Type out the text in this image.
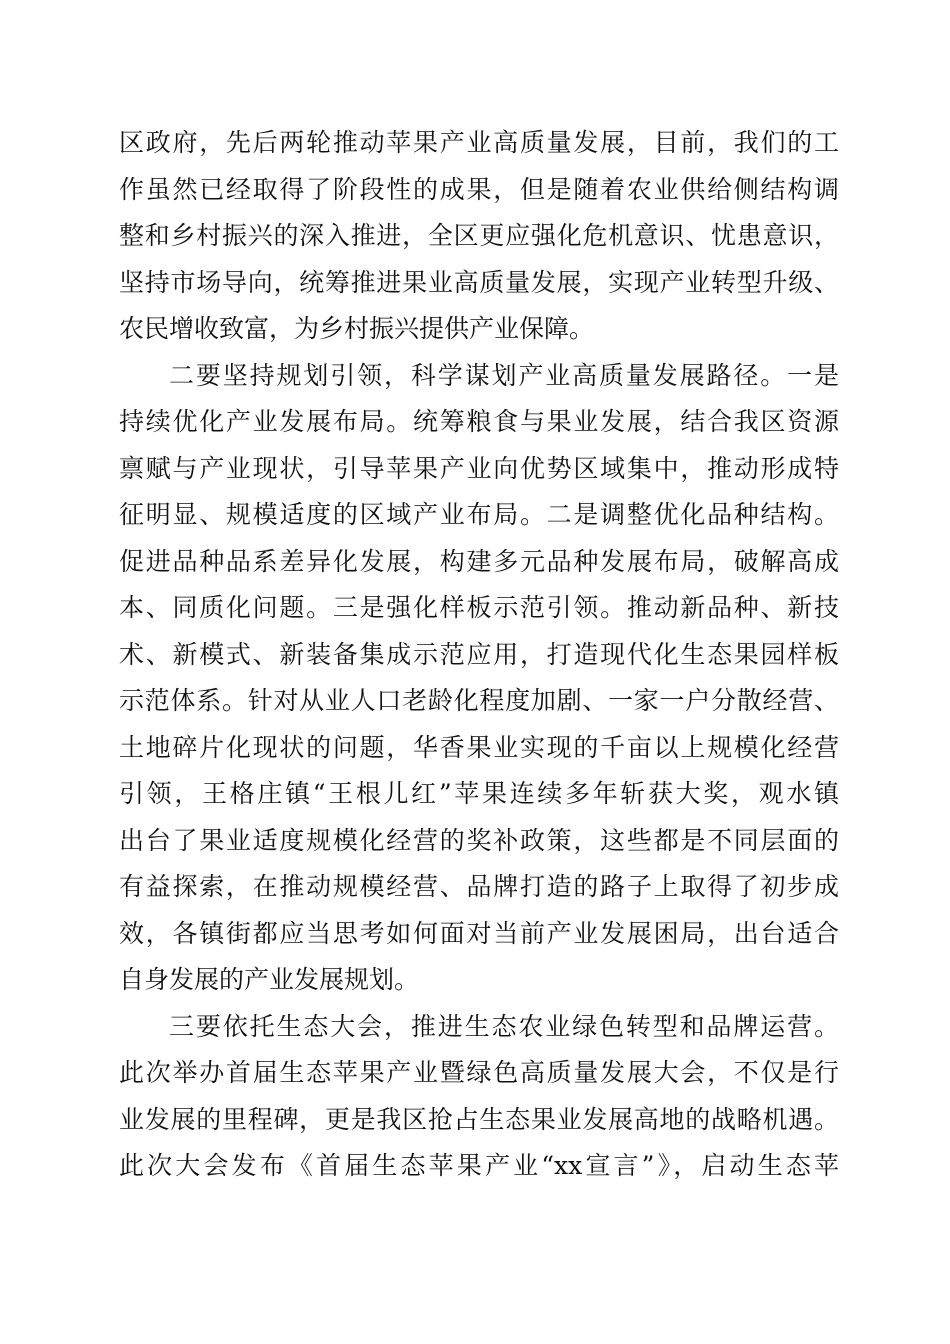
区政府，先后两轮推动苹果产业高质量发展，目前，我们的工
作虽然已经取得了阶段性的成果，但是随着农业供给侧结构调
整和乡村振兴的深入推进，全区更应强化危机意识、忧患意识，
坚持市场导向，统筹推进果业高质量发展，实现产业转型升级、
农民增收致富，为乡村振兴提供产业保障。
二要坚持规划引领，科学谋划产业高质量发展路径。一是
持续优化产业发展布局。统筹粮食与果业发展，结合我区资源
禀赋与产业现状，引导苹果产业向优势区域集中，推动形成特
征明显、规模适度的区域产业布局。二是调整优化品种结构。
促进品种品系差异化发展，构建多元品种发展布局，破解高成
本、同质化问题。三是强化样板示范引领。推动新品种、新技
术、新模式、新装备集成示范应用，打造现代化生态果园样板
示范体系。针对从业人口老龄化程度加剧、一家一户分散经营、
土地碎片化现状的问题，华香果业实现的千亩以上规模化经营
引领，王格庄镇“王根儿红”苹果连续多年斩获大奖，观水镇
出台了果业适度规模化经营的奖补政策，这些都是不同层面的
有益探索，在推动规模经营、品牌打造的路子上取得了初步成
效，各镇街都应当思考如何面对当前产业发展困局，出台适合
自身发展的产业发展规划。
三要依托生态大会，推进生态农业绿色转型和品牌运营。
此次举办首届生态苹果产业暨绿色高质量发展大会，不仅是行
业发展的里程碑，更是我区抢占生态果业发展高地的战略机遇。
此次大会发布《首届生态苹果产业“xx宣言”》，启动生态苹
